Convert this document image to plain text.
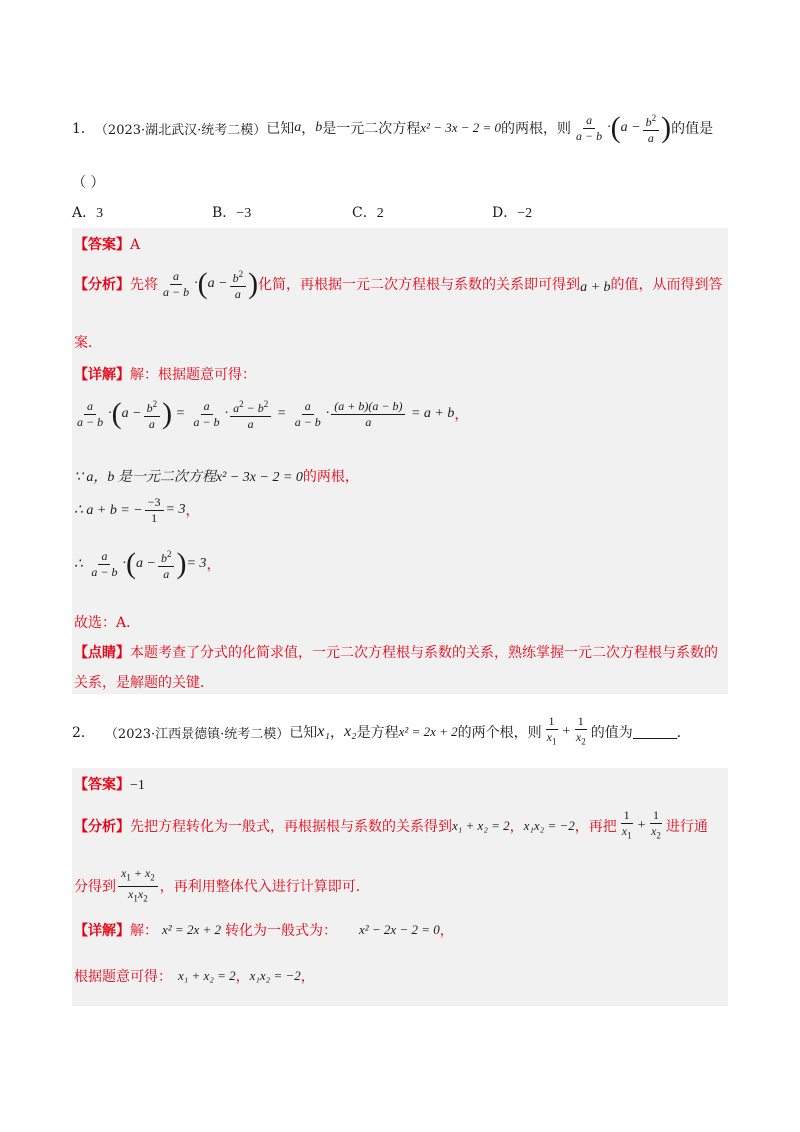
1． （2023·湖北武汉·统考二模） 已知 a ， b 是一元二次方程 x² − 3x − 2 = 0 的两根，则 $\frac{a}{a - b}$ · ( $a - \frac{b^2}{a}$ ) 的值是
（ ）
A．3	B．−3	C．2	D．−2
【答案】A
【分析】 先将 $\frac{a}{a - b}$ · ( $a - \frac{b^2}{a}$ ) 化简，再根据一元二次方程根与系数的关系即可得到 a + b 的值，从而得到答
案．
【详解】解：根据题意可得：
$\frac{a}{a - b}$ · ( $a - \frac{b^2}{a}$ ) = $\frac{a}{a - b} \cdot \frac{a^2 - b^2}{a} = \frac{a}{a - b} \cdot \frac{(a + b)(a - b)}{a} = a + b$ ，
∵ a，b 是一元二次方程x² − 3x − 2 = 0的两根，
∴ a + b = − $\frac{-3}{1} = 3$ ，
∴
$\frac{a}{a - b}$ · ( $a - \frac{b^2}{a}$ ) = 3 ，
故选：A．
【点睛】本题考查了分式的化简求值，一元二次方程根与系数的关系，熟练掌握一元二次方程根与系数的
关系，是解题的关键．
2． （2023·江西景德镇·统考二模） 已知 x₁ ， x₂ 是方程 x² = 2x + 2 的两个根，则 $\frac{1}{x_1} + \frac{1}{x_2}$ 的值为	．
【答案】−1
【分析】 先把方程转化为一般式，再根据根与系数的关系得到 x₁ + x₂ = 2 ， x₁x₂ = −2 ，再把 $\frac{1}{x_1} + \frac{1}{x_2}$ 进行通
分得到 $\frac{x_1 + x_2}{x_1x_2}$ ，再利用整体代入进行计算即可．
【详解】 解： x² = 2x + 2 转化为一般式为： x² − 2x − 2 = 0 ，
根据题意可得： x₁ + x₂ = 2 ， x₁x₂ = −2 ，
